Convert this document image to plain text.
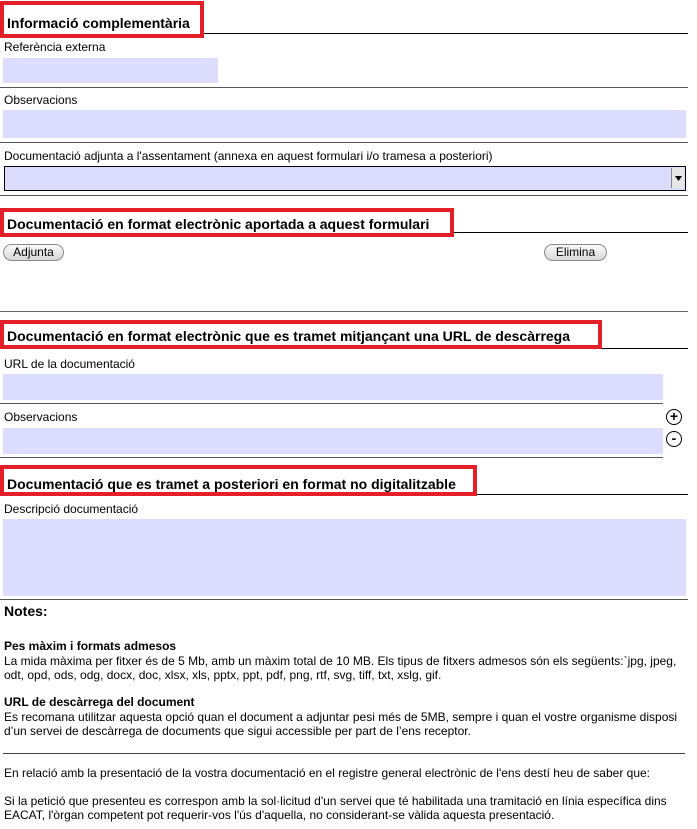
Informació complementària
Referència externa
Observacions
Documentació adjunta a l'assentament (annexa en aquest formulari i/o tramesa a posteriori)
Documentació en format electrònic aportada a aquest formulari
Adjunta	Elimina
Documentació en format electrònic que es tramet mitjançant una URL de descàrrega
URL de la documentació
Observacions	+
-
Documentació que es tramet a posteriori en format no digitalitzable
Descripció documentació
Notes:
Pes màxim i formats admesos
La mida màxima per fitxer és de 5 Mb, amb un màxim total de 10 MB. Els tipus de fitxers admesos són els següents:`jpg, jpeg, odt, opd, ods, odg, docx, doc, xlsx, xls, pptx, ppt, pdf, png, rtf, svg, tiff, txt, xslg, gif.
URL de descàrrega del document
Es recomana utilitzar aquesta opció quan el document a adjuntar pesi més de 5MB, sempre i quan el vostre organisme disposi d’un servei de descàrrega de documents que sigui accessible per part de l’ens receptor.
En relació amb la presentació de la vostra documentació en el registre general electrònic de l'ens destí heu de saber que:
Si la petició que presenteu es correspon amb la sol·licitud d'un servei que té habilitada una tramitació en línia específica dins EACAT, l'òrgan competent pot requerir-vos l'ús d'aquella, no considerant-se vàlida aquesta presentació.
